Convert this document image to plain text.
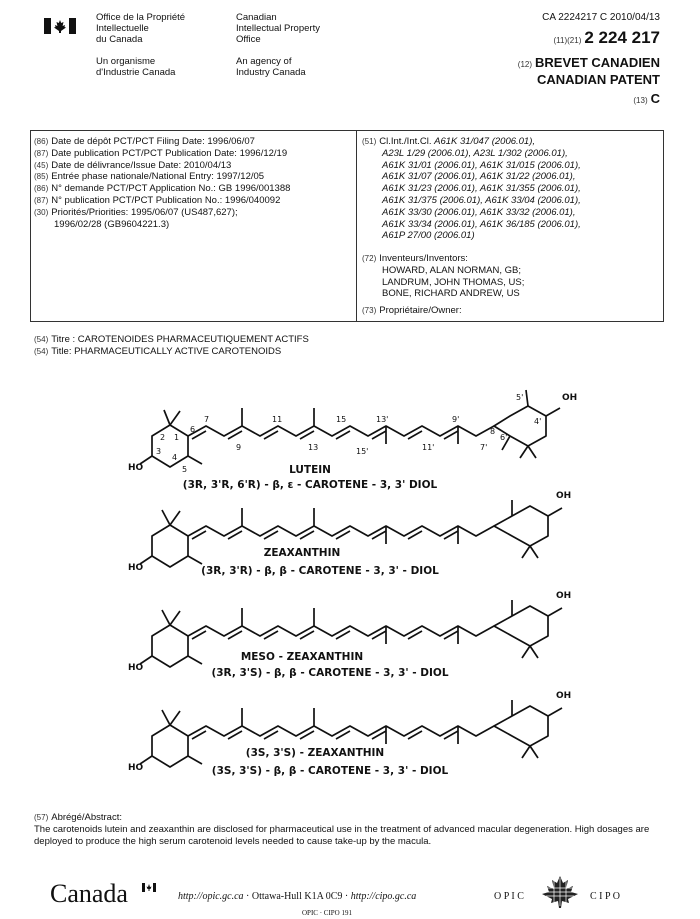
Office de la Propriété
Intellectuelle
du Canada
Canadian
Intellectual Property
Office
Un organisme
d'Industrie Canada
An agency of
Industry Canada
CA 2224217 C 2010/04/13
(11)(21) 2 224 217
(12) BREVET CANADIEN
CANADIAN PATENT
(13) C
(86) Date de dépôt PCT/PCT Filing Date: 1996/06/07
(87) Date publication PCT/PCT Publication Date: 1996/12/19
(45) Date de délivrance/Issue Date: 2010/04/13
(85) Entrée phase nationale/National Entry: 1997/12/05
(86) N° demande PCT/PCT Application No.: GB 1996/001388
(87) N° publication PCT/PCT Publication No.: 1996/040092
(30) Priorités/Priorities: 1995/06/07 (US487,627);
1996/02/28 (GB9604221.3)
(51) Cl.Int./Int.Cl. A61K 31/047 (2006.01),
A23L 1/29 (2006.01), A23L 1/302 (2006.01),
A61K 31/01 (2006.01), A61K 31/015 (2006.01),
A61K 31/07 (2006.01), A61K 31/22 (2006.01),
A61K 31/23 (2006.01), A61K 31/355 (2006.01),
A61K 31/375 (2006.01), A61K 33/04 (2006.01),
A61K 33/30 (2006.01), A61K 33/32 (2006.01),
A61K 33/34 (2006.01), A61K 36/185 (2006.01),
A61P 27/00 (2006.01)
(72) Inventeurs/Inventors:
HOWARD, ALAN NORMAN, GB;
LANDRUM, JOHN THOMAS, US;
BONE, RICHARD ANDREW, US
(73) Propriétaire/Owner:
(54) Titre : CAROTENOIDES PHARMACEUTIQUEMENT ACTIFS
(54) Title: PHARMACEUTICALLY ACTIVE CAROTENOIDS
HO
OH
HO
OH
HO
OH
HO
OH
6
7	11	15	13'	9'
7'
5'
4'
6'
1
2
3
4
5
9	13	15'	11'
8
LUTEIN
(3R, 3'R, 6'R) - β, ε - CAROTENE - 3, 3' DIOL
ZEAXANTHIN
(3R, 3'R) - β, β - CAROTENE - 3, 3' - DIOL
MESO - ZEAXANTHIN
(3R, 3'S) - β, β - CAROTENE - 3, 3' - DIOL
(3S, 3'S) - ZEAXANTHIN
(3S, 3'S) - β, β - CAROTENE - 3, 3' - DIOL
(57) Abrégé/Abstract:
The carotenoids lutein and zeaxanthin are disclosed for pharmaceutical use in the treatment of advanced macular degeneration. High dosages are deployed to produce the high serum carotenoid levels needed to cause take-up by the macula.
Canada	http://opic.gc.ca · Ottawa-Hull K1A 0C9 · http://cipo.gc.ca	O P I C	C I P O
OPIC · CIPO 191
